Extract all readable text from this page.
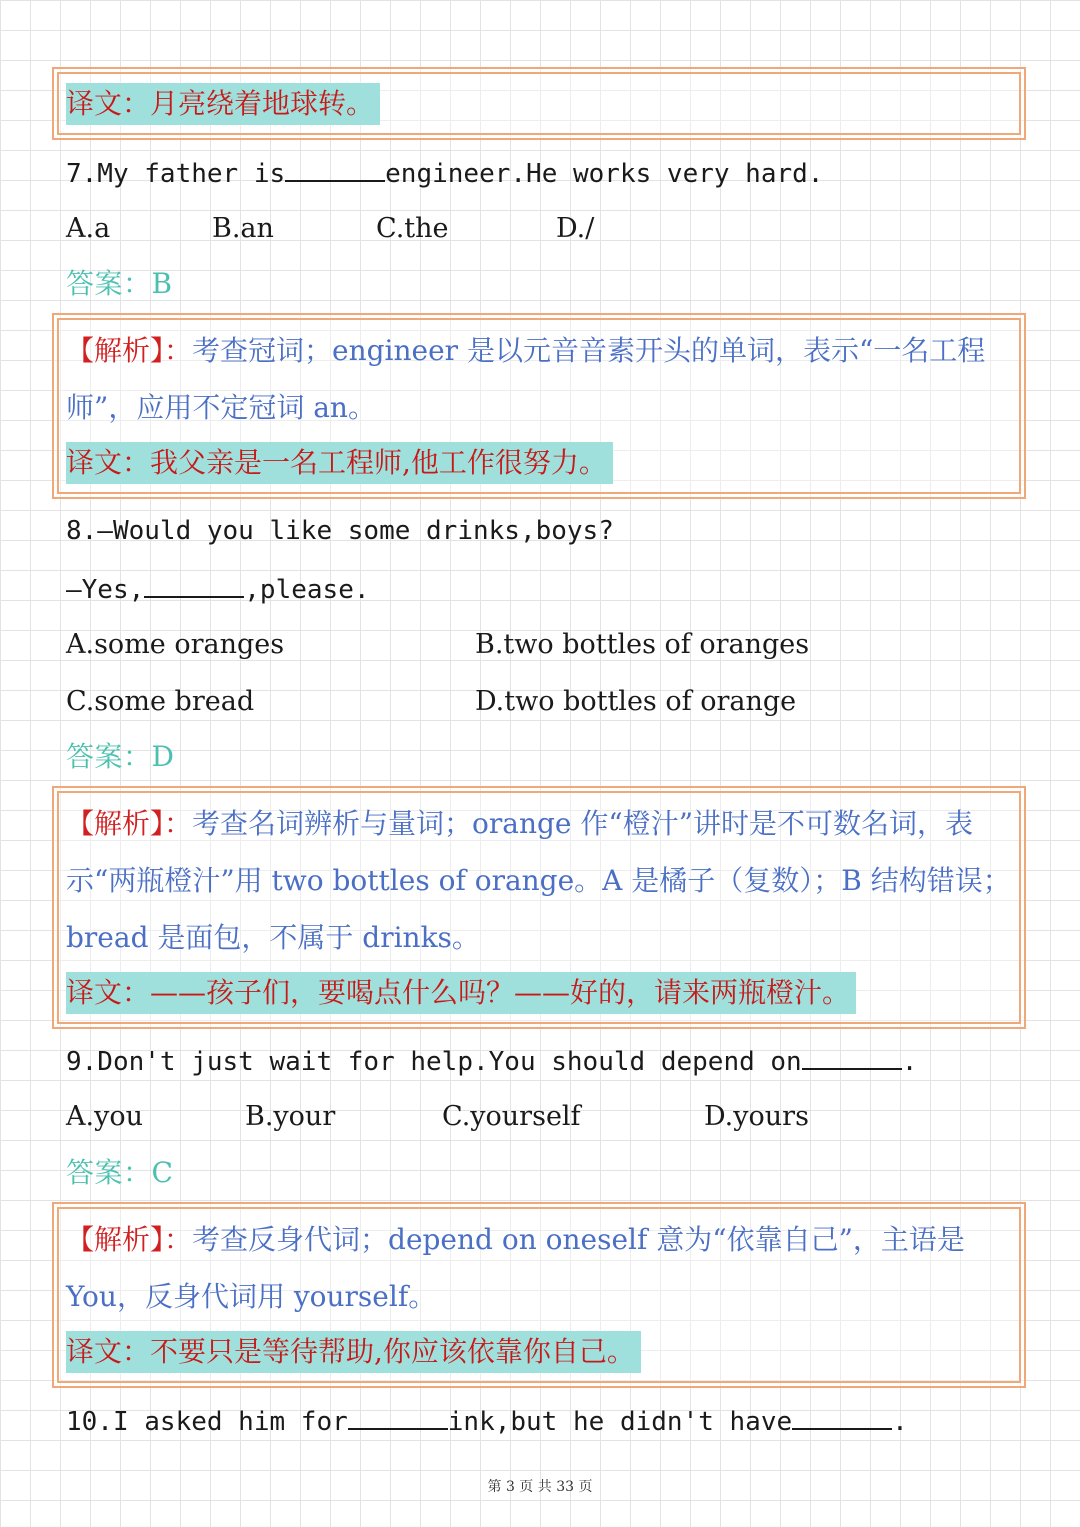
译文：月亮绕着地球转。
7.My father is	engineer.He works very hard.
A.a	B.an	C.the	D./
答案：B
【解析】：考查冠词；engineer 是以元音音素开头的单词，表示“一名工程师”，应用不定冠词 an。
译文：我父亲是一名工程师,他工作很努力。
8.—Would you like some drinks,boys?
—Yes,	,please.
A.some oranges	B.two bottles of oranges
C.some bread	D.two bottles of orange
答案：D
【解析】：考查名词辨析与量词；orange 作“橙汁”讲时是不可数名词，表示“两瓶橙汁”用 two bottles of orange。A 是橘子（复数）；B 结构错误；bread 是面包，不属于 drinks。
译文：——孩子们，要喝点什么吗？——好的，请来两瓶橙汁。
9.Don't just wait for help.You should depend on	.
A.you	B.your	C.yourself	D.yours
答案：C
【解析】：考查反身代词；depend on oneself 意为“依靠自己”，主语是 You，反身代词用 yourself。
译文：不要只是等待帮助,你应该依靠你自己。
10.I asked him for	ink,but he didn't have	.
第 3 页 共 33 页
